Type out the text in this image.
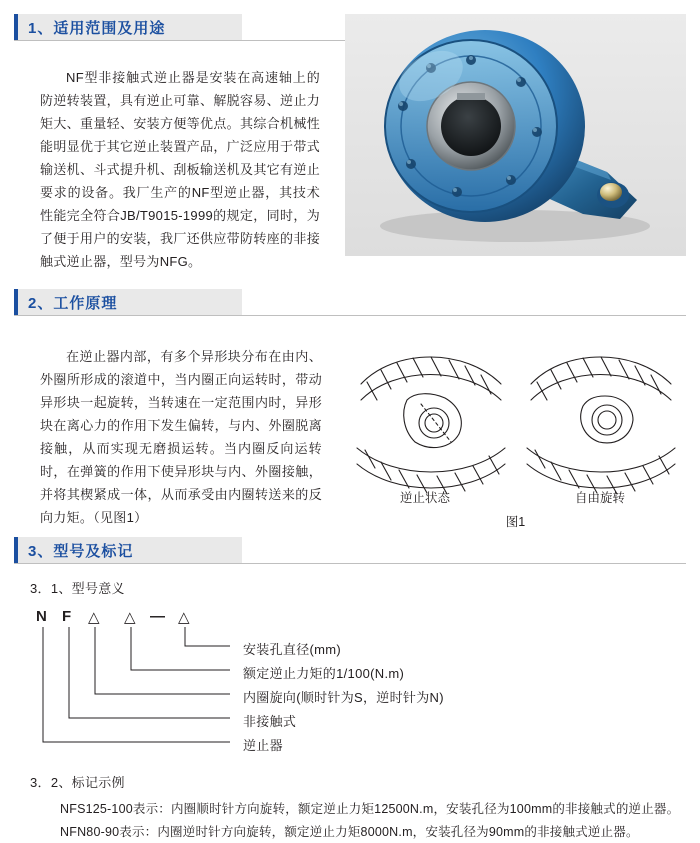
1、适用范围及用途

NF型非接触式逆止器是安装在高速轴上的防逆转装置，具有逆止可靠、解脱容易、逆止力矩大、重量轻、安装方便等优点。其综合机械性能明显优于其它逆止装置产品，广泛应用于带式输送机、斗式提升机、刮板输送机及其它有逆止要求的设备。我厂生产的NF型逆止器，其技术性能完全符合JB/T9015-1999的规定，同时，为了便于用户的安装，我厂还供应带防转座的非接触式逆止器，型号为NFG。

2、工作原理

在逆止器内部，有多个异形块分布在由内、外圈所形成的滚道中，当内圈正向运转时，带动异形块一起旋转，当转速在一定范围内时，异形块在离心力的作用下发生偏转，与内、外圈脱离接触，从而实现无磨损运转。当内圈反向运转时，在弹簧的作用下使异形块与内、外圈接触，并将其楔紧成一体，从而承受由内圈转送来的反向力矩。（见图1）

逆止状态	自由旋转
图1
3、型号及标记
3．1、型号意义
N F △ △ — △
安装孔直径(mm)
额定逆止力矩的1/100(N.m)
内圈旋向(顺时针为S，逆时针为N)
非接触式
逆止器
3．2、标记示例
NFS125-100表示：内圈顺时针方向旋转，额定逆止力矩12500N.m，安装孔径为100mm的非接触式的逆止器。
NFN80-90表示：内圈逆时针方向旋转，额定逆止力矩8000N.m，安装孔径为90mm的非接触式逆止器。
